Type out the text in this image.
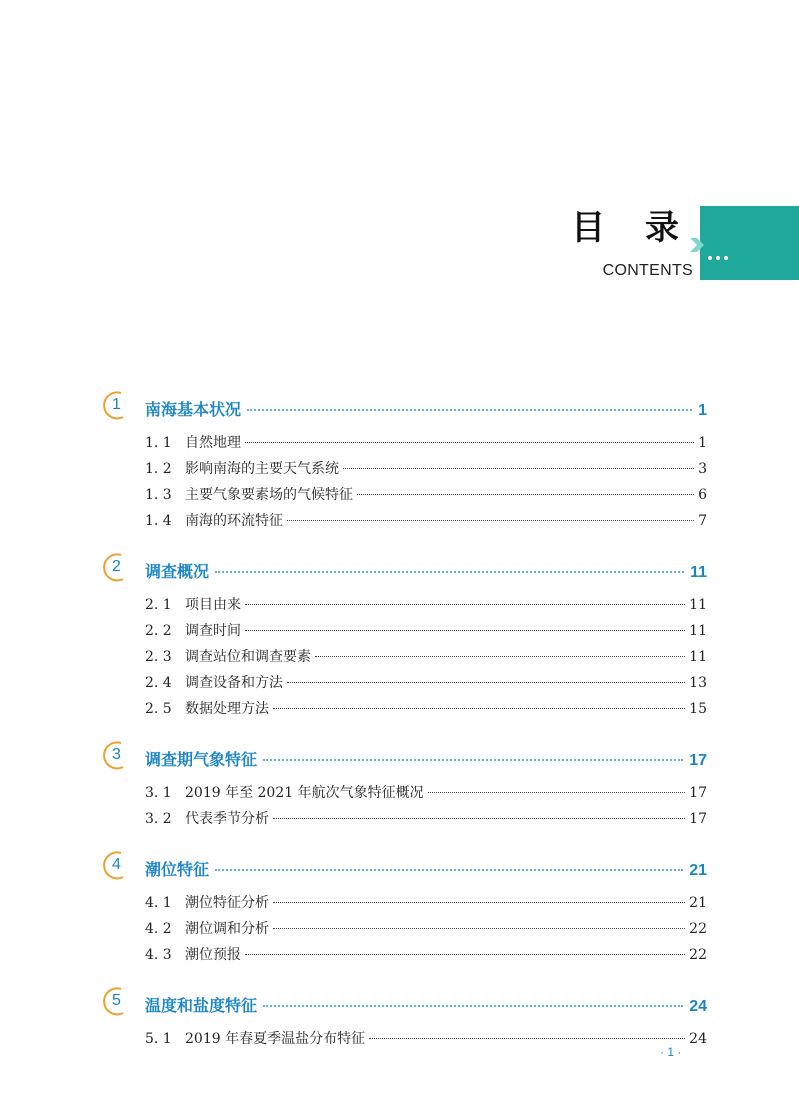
目 录
CONTENTS
1	南海基本状况	1
1. 1 自然地理	1
1. 2 影响南海的主要天气系统	3
1. 3 主要气象要素场的气候特征	6
1. 4 南海的环流特征	7
2	调查概况	11
2. 1 项目由来	11
2. 2 调查时间	11
2. 3 调查站位和调查要素	11
2. 4 调查设备和方法	13
2. 5 数据处理方法	15
3	调查期气象特征	17
3. 1 2019 年至 2021 年航次气象特征概况	17
3. 2 代表季节分析	17
4	潮位特征	21
4. 1 潮位特征分析	21
4. 2 潮位调和分析	22
4. 3 潮位预报	22
5	温度和盐度特征	24
5. 1 2019 年春夏季温盐分布特征	24
· 1 ·
